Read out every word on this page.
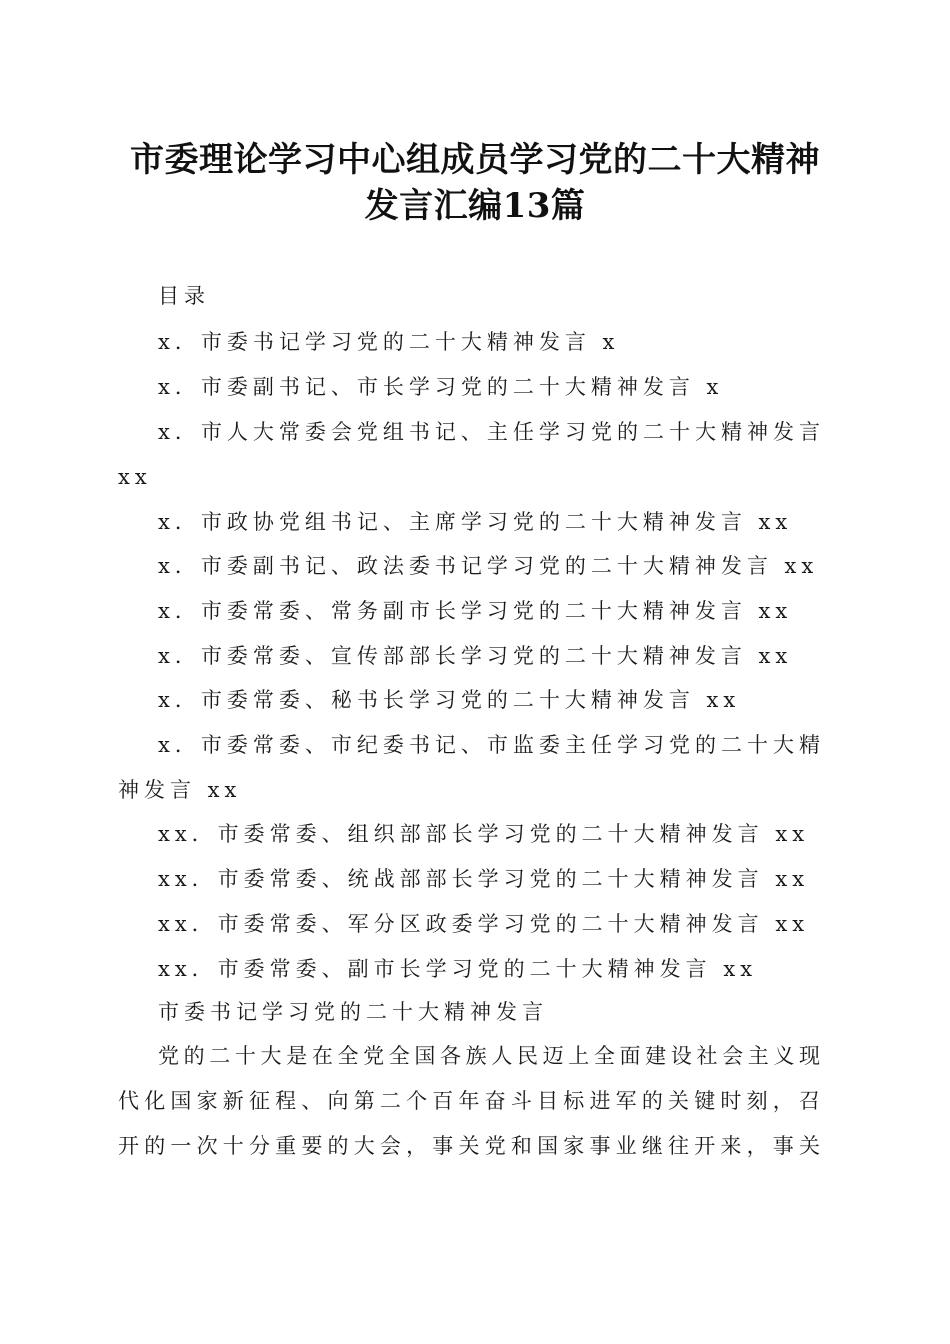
市委理论学习中心组成员学习党的二十大精神
发言汇编13篇
目录
x．市委书记学习党的二十大精神发言 x
x．市委副书记、市长学习党的二十大精神发言 x
x．市人大常委会党组书记、主任学习党的二十大精神发言
xx
x．市政协党组书记、主席学习党的二十大精神发言 xx
x．市委副书记、政法委书记学习党的二十大精神发言 xx
x．市委常委、常务副市长学习党的二十大精神发言 xx
x．市委常委、宣传部部长学习党的二十大精神发言 xx
x．市委常委、秘书长学习党的二十大精神发言 xx
x．市委常委、市纪委书记、市监委主任学习党的二十大精
神发言 xx
xx．市委常委、组织部部长学习党的二十大精神发言 xx
xx．市委常委、统战部部长学习党的二十大精神发言 xx
xx．市委常委、军分区政委学习党的二十大精神发言 xx
xx．市委常委、副市长学习党的二十大精神发言 xx
市委书记学习党的二十大精神发言
党的二十大是在全党全国各族人民迈上全面建设社会主义现
代化国家新征程、向第二个百年奋斗目标进军的关键时刻，召
开的一次十分重要的大会，事关党和国家事业继往开来，事关
